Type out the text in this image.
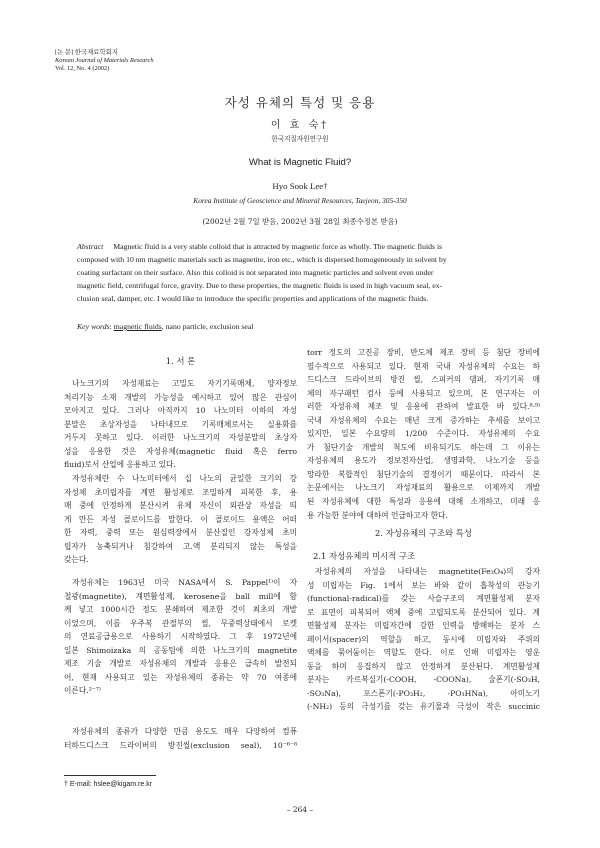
[논 문] 한국재료학회지
Korean Journal of Materials Research
Vol. 12, No. 4 (2002)
자성 유체의 특성 및 응용
이 효 숙†
한국지질자원연구원
What is Magnetic Fluid?
Hyo Sook Lee†
Korea Institute of Geoscience and Mineral Resources, Taejeon, 305-350
(2002년 2월 7일 받음, 2002년 3월 28일 최종수정본 받음)
Abstract Magnetic fluid is a very stable colloid that is attracted by magnetic force as wholly. The magnetic fluids is
composed with 10 nm magnetic materials such as magnetite, iron etc., which is dispersed homogeneously in solvent by
coating surfactant on their surface. Also this colloid is not separated into magnetic particles and solvent even under
magnetic field, centrifugal force, gravity. Due to these properties, the magnetic fluids is used in high vacuum seal, ex-
clusion seal, damper, etc. I would like to introduce the specific properties and applications of the magnetic fluids.
Key words: magnetic fluids, nano particle, exclusion seal
1. 서 론
나노크기의 자성재료는 고밀도 자기기록매체, 양자정보
처리기능 소재 개발의 가능성을 예시하고 있어 많은 관심이
모아지고 있다. 그러나 아직까지 10 나노미터 이하의 자성
분말은 초상자성을 나타내므로 기록매체로서는 실용화를
거두지 못하고 있다. 이러한 나노크기의 자성분말의 초상자
성을 응용한 것은 자성유체(magnetic fluid 혹은 ferro
fluid)로서 산업에 응용하고 있다.
자성유체란 수 나노미터에서 십 나노의 균일한 크기의 강
자성체 초미립자를 계면 활성제로 조밀하게 피복한 후, 용
매 중에 안정하게 분산시켜 유체 자신이 외관상 자성을 띄
게 만든 자성 콜로이드를 말한다. 이 콜로이드 용액은 어떠
한 자력, 중력 또는 원심력장에서 분산질인 강자성체 초미
립자가 농축되거나 침강하여 고.액 분리되지 않는 특성을
갖는다.
자성유체는 1963년 미국 NASA에서 S. Pappel¹⁾이 자
철광(magnetite), 계면활성제, kerosene을 ball mill에 함
께 넣고 1000시간 정도 분쇄하여 제조한 것이 최초의 개발
이었으며, 이를 우주복 관절부의 씰, 무중력상태에서 로켓
의 연료공급용으로 사용하기 시작하였다. 그 후 1972년에
일본 Shimoizaka 의 공동팀에 의한 나노크기의 magnetite
제조 기술 개발로 자성유체의 개발과 응용은 급속히 발전되
어, 현재 사용되고 있는 자성유체의 종류는 약 70 여종에
이른다.²⁻⁷⁾
자성유체의 종류가 다양한 만큼 용도도 매우 다양하여 컴퓨
터하드디스크 드라이버의 방진씰(exclusion seal), 10⁻⁶⁻⁸
torr 정도의 고진공 장비, 반도체 제조 장비 등 첨단 장비에
필수적으로 사용되고 있다. 현재 국내 자성유체의 수요는 하
드디스크 드라이브의 방진 씰, 스피커의 댐퍼, 자기기록 매
체의 자구패턴 검사 등에 사용되고 있으며, 본 연구자는 이
러한 자성유체 제조 및 응용에 관하여 발표한 바 있다.⁸·⁹⁾
국내 자성유체의 수요는 매년 크게 증가하는 추세를 보이고
있지만, 일본 수요량의 1/200 수준이다. 자성유체의 수요
가 첨단기술 개발의 척도에 비유되기도 하는데 그 이유는
자성유체의 용도가 정보전자산업, 생명과학, 나노기술 등을
망라한 복합적인 첨단기술의 결정이기 때문이다. 따라서 본
논문에서는 나노크기 자성재료의 활용으로 이제까지 개발
된 자성유체에 대한 특성과 응용에 대해 소개하고, 미래 응
용 가능한 분야에 대하여 언급하고자 한다.
2. 자성유체의 구조와 특성
2.1 자성유체의 미시적 구조
자성유체의 자성을 나타내는 magnetite(Fe₃O₄)의 강자
성 미립자는 Fig. 1에서 보는 바와 같이 흡착성의 관능기
(functional-radical)를 갖는 사슬구조의 계면활성제 분자
로 표면이 피복되어 액체 중에 고립되도록 분산되어 있다. 계
면활성제 분자는 미립자간에 강한 인력을 방해하는 분자 스
페이서(spacer)의 역할을 하고, 동시에 미립자와 주위의
액체를 묶어둠이는 역할도 한다. 이로 인해 미립자는 영운
동을 하며 응집하지 않고 안정하게 분산된다. 계면활성제
분자는 카르복실기(-COOH, -COONa), 술폰기(-SO₃H,
-SO₃Na), 포스폰기(-PO₃H₂, -PO₃HNa), 아미노기
(-NH₂) 등의 극성기를 갖는 유기물과 극성이 작은 succinic
† E-mail: hslee@kigam.re.kr
– 264 –
